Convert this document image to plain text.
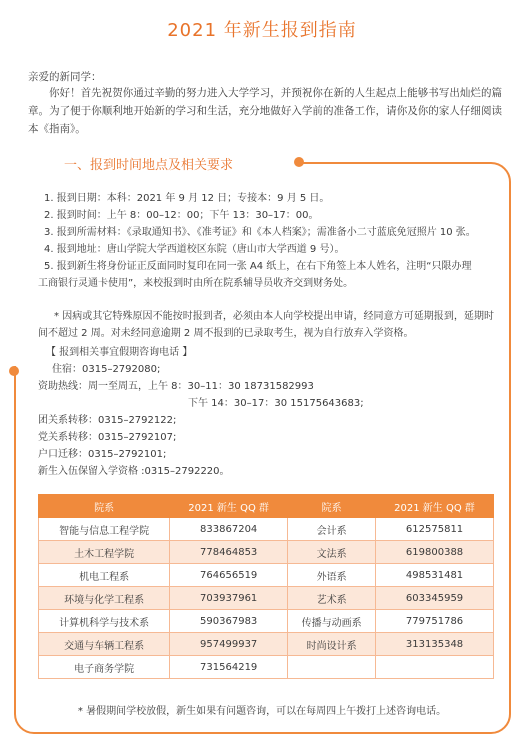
2021 年新生报到指南
亲爱的新同学：
你好！首先祝贺你通过辛勤的努力进入大学学习，并预祝你在新的人生起点上能够书写出灿烂的篇章。为了便于你顺利地开始新的学习和生活，充分地做好入学前的准备工作，请你及你的家人仔细阅读本《指南》。
一、报到时间地点及相关要求
1. 报到日期：本科：2021 年 9 月 12 日；专接本：9 月 5 日。
2. 报到时间：上午 8：00–12：00；下午 13：30–17：00。
3. 报到所需材料：《录取通知书》、《准考证》和《本人档案》；需准备小二寸蓝底免冠照片 10 张。
4. 报到地址：唐山学院大学西道校区东院（唐山市大学西道 9 号）。
5. 报到新生将身份证正反面同时复印在同一张 A4 纸上，在右下角签上本人姓名，注明“只限办理
工商银行灵通卡使用”，来校报到时由所在院系辅导员收齐交到财务处。
* 因病或其它特殊原因不能按时报到者，必须由本人向学校提出申请，经同意方可延期报到，延期时间不超过 2 周。对未经同意逾期 2 周不报到的已录取考生，视为自行放弃入学资格。
【 报到相关事宜假期咨询电话 】
住宿：0315–2792080;
资助热线：周一至周五，上午 8：30–11：30 18731582993
下午 14：30–17：30 15175643683;
团关系转移：0315–2792122;
党关系转移：0315–2792107;
户口迁移：0315–2792101;
新生入伍保留入学资格 :0315–2792220。
院系	2021 新生 QQ 群	院系	2021 新生 QQ 群
智能与信息工程学院	833867204	会计系	612575811
土木工程学院	778464853	文法系	619800388
机电工程系	764656519	外语系	498531481
环境与化学工程系	703937961	艺术系	603345959
计算机科学与技术系	590367983	传播与动画系	779751786
交通与车辆工程系	957499937	时尚设计系	313135348
电子商务学院	731564219		
* 暑假期间学校放假，新生如果有问题咨询，可以在每周四上午拨打上述咨询电话。
